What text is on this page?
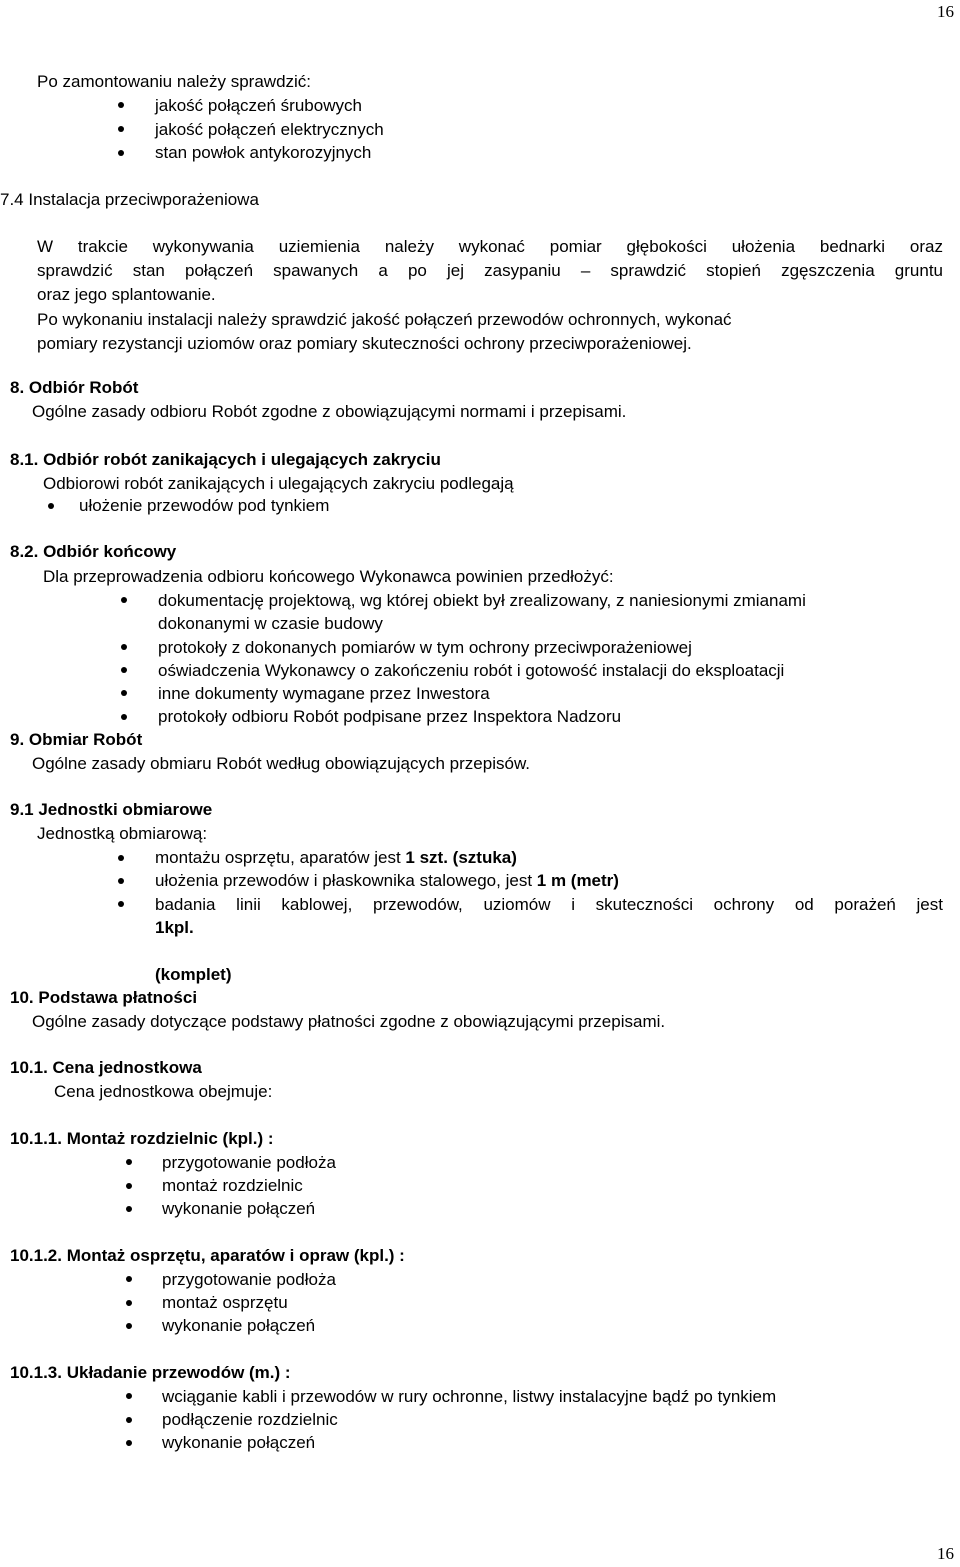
16
Po zamontowaniu należy sprawdzić:
jakość połączeń śrubowych
jakość połączeń elektrycznych
stan powłok antykorozyjnych
7.4 Instalacja przeciwporażeniowa
W trakcie wykonywania uziemienia należy wykonać pomiar głębokości ułożenia bednarki oraz
sprawdzić stan połączeń spawanych a po jej zasypaniu – sprawdzić stopień zgęszczenia gruntu
oraz jego splantowanie.
Po wykonaniu instalacji należy sprawdzić jakość połączeń przewodów ochronnych, wykonać
pomiary rezystancji uziomów oraz pomiary skuteczności ochrony przeciwporażeniowej.
8. Odbiór Robót
Ogólne zasady odbioru Robót zgodne z obowiązującymi normami i przepisami.
8.1. Odbiór robót zanikających i ulegających zakryciu
Odbiorowi robót zanikających i ulegających zakryciu podlegają
ułożenie przewodów pod tynkiem
8.2. Odbiór końcowy
Dla przeprowadzenia odbioru końcowego Wykonawca powinien przedłożyć:
dokumentację projektową, wg której obiekt był zrealizowany, z naniesionymi zmianami
dokonanymi w czasie budowy
protokoły z dokonanych pomiarów w tym ochrony przeciwporażeniowej
oświadczenia Wykonawcy o zakończeniu robót i gotowość instalacji do eksploatacji
inne dokumenty wymagane przez Inwestora
protokoły odbioru Robót podpisane przez Inspektora Nadzoru
9. Obmiar Robót
Ogólne zasady obmiaru Robót według obowiązujących przepisów.
9.1 Jednostki obmiarowe
Jednostką obmiarową:
montażu osprzętu, aparatów jest 1 szt. (sztuka)
ułożenia przewodów i płaskownika stalowego, jest 1 m (metr)
badania linii kablowej, przewodów, uziomów i skuteczności ochrony od porażeń jest
1kpl.
(komplet)
10. Podstawa płatności
Ogólne zasady dotyczące podstawy płatności zgodne z obowiązującymi przepisami.
10.1. Cena jednostkowa
Cena jednostkowa obejmuje:
10.1.1. Montaż rozdzielnic (kpl.) :
przygotowanie podłoża
montaż rozdzielnic
wykonanie połączeń
10.1.2. Montaż osprzętu, aparatów i opraw (kpl.) :
przygotowanie podłoża
montaż osprzętu
wykonanie połączeń
10.1.3. Układanie przewodów (m.) :
wciąganie kabli i przewodów w rury ochronne, listwy instalacyjne bądź po tynkiem
podłączenie rozdzielnic
wykonanie połączeń
16
